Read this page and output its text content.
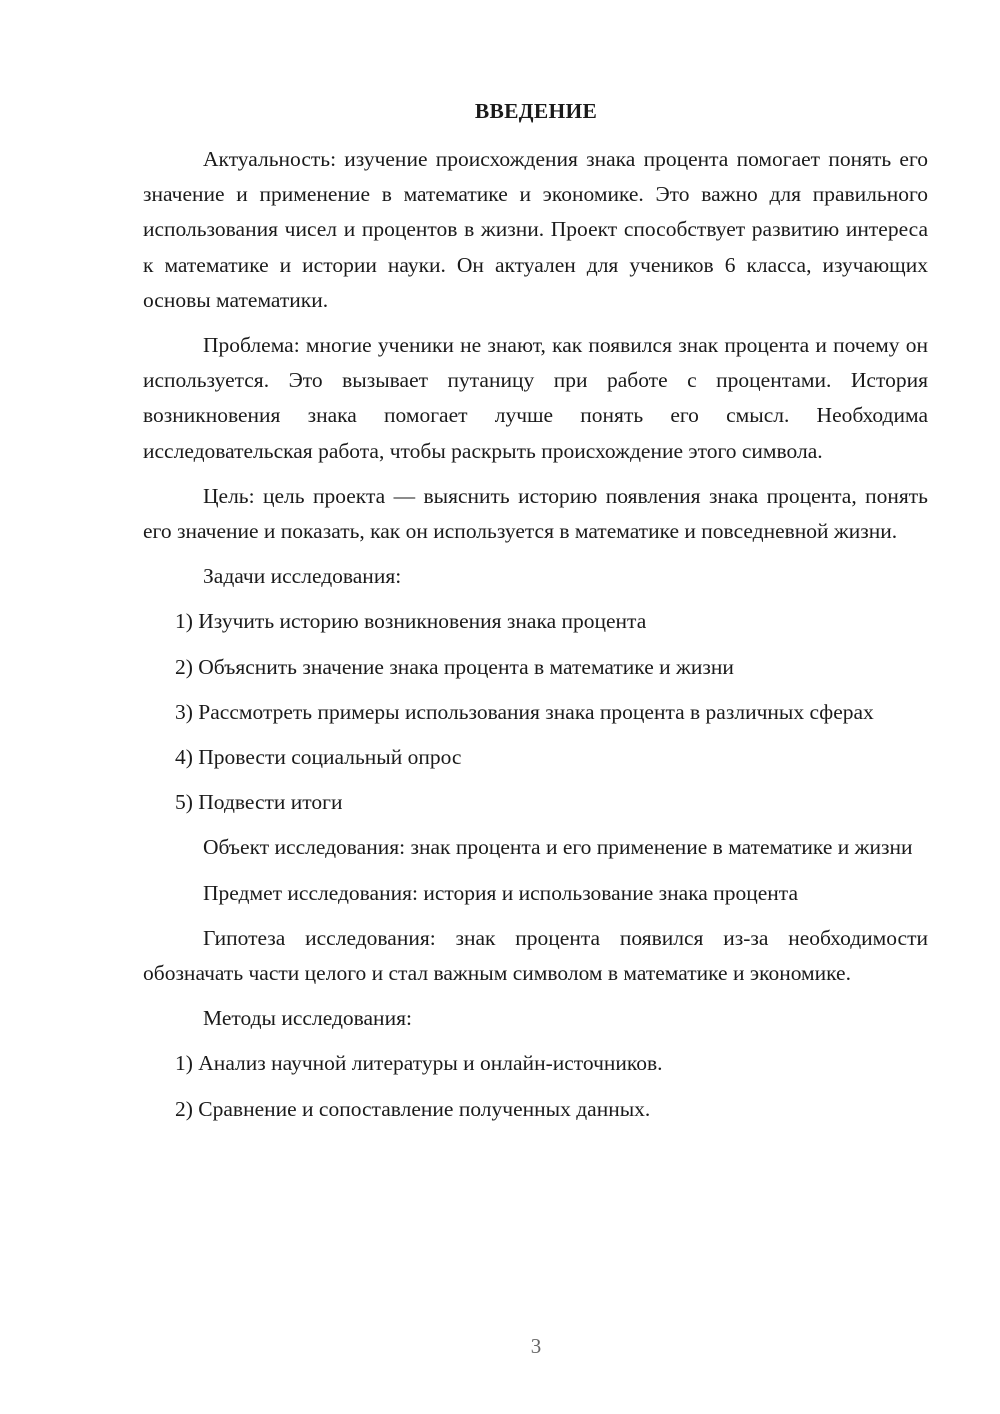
ВВЕДЕНИЕ

Актуальность: изучение происхождения знака процента помогает понять его значение и применение в математике и экономике. Это важно для правильного использования чисел и процентов в жизни. Проект способствует развитию интереса к математике и истории науки. Он актуален для учеников 6 класса, изучающих основы математики.

Проблема: многие ученики не знают, как появился знак процента и почему он используется. Это вызывает путаницу при работе с процентами. История возникновения знака помогает лучше понять его смысл. Необходима исследовательская работа, чтобы раскрыть происхождение этого символа.

Цель: цель проекта — выяснить историю появления знака процента, понять его значение и показать, как он используется в математике и повседневной жизни.

Задачи исследования:

1) Изучить историю возникновения знака процента

2) Объяснить значение знака процента в математике и жизни

3) Рассмотреть примеры использования знака процента в различных сферах

4) Провести социальный опрос

5) Подвести итоги

Объект исследования: знак процента и его применение в математике и жизни

Предмет исследования: история и использование знака процента

Гипотеза исследования: знак процента появился из-за необходимости обозначать части целого и стал важным символом в математике и экономике.

Методы исследования:

1) Анализ научной литературы и онлайн-источников.

2) Сравнение и сопоставление полученных данных.

3
